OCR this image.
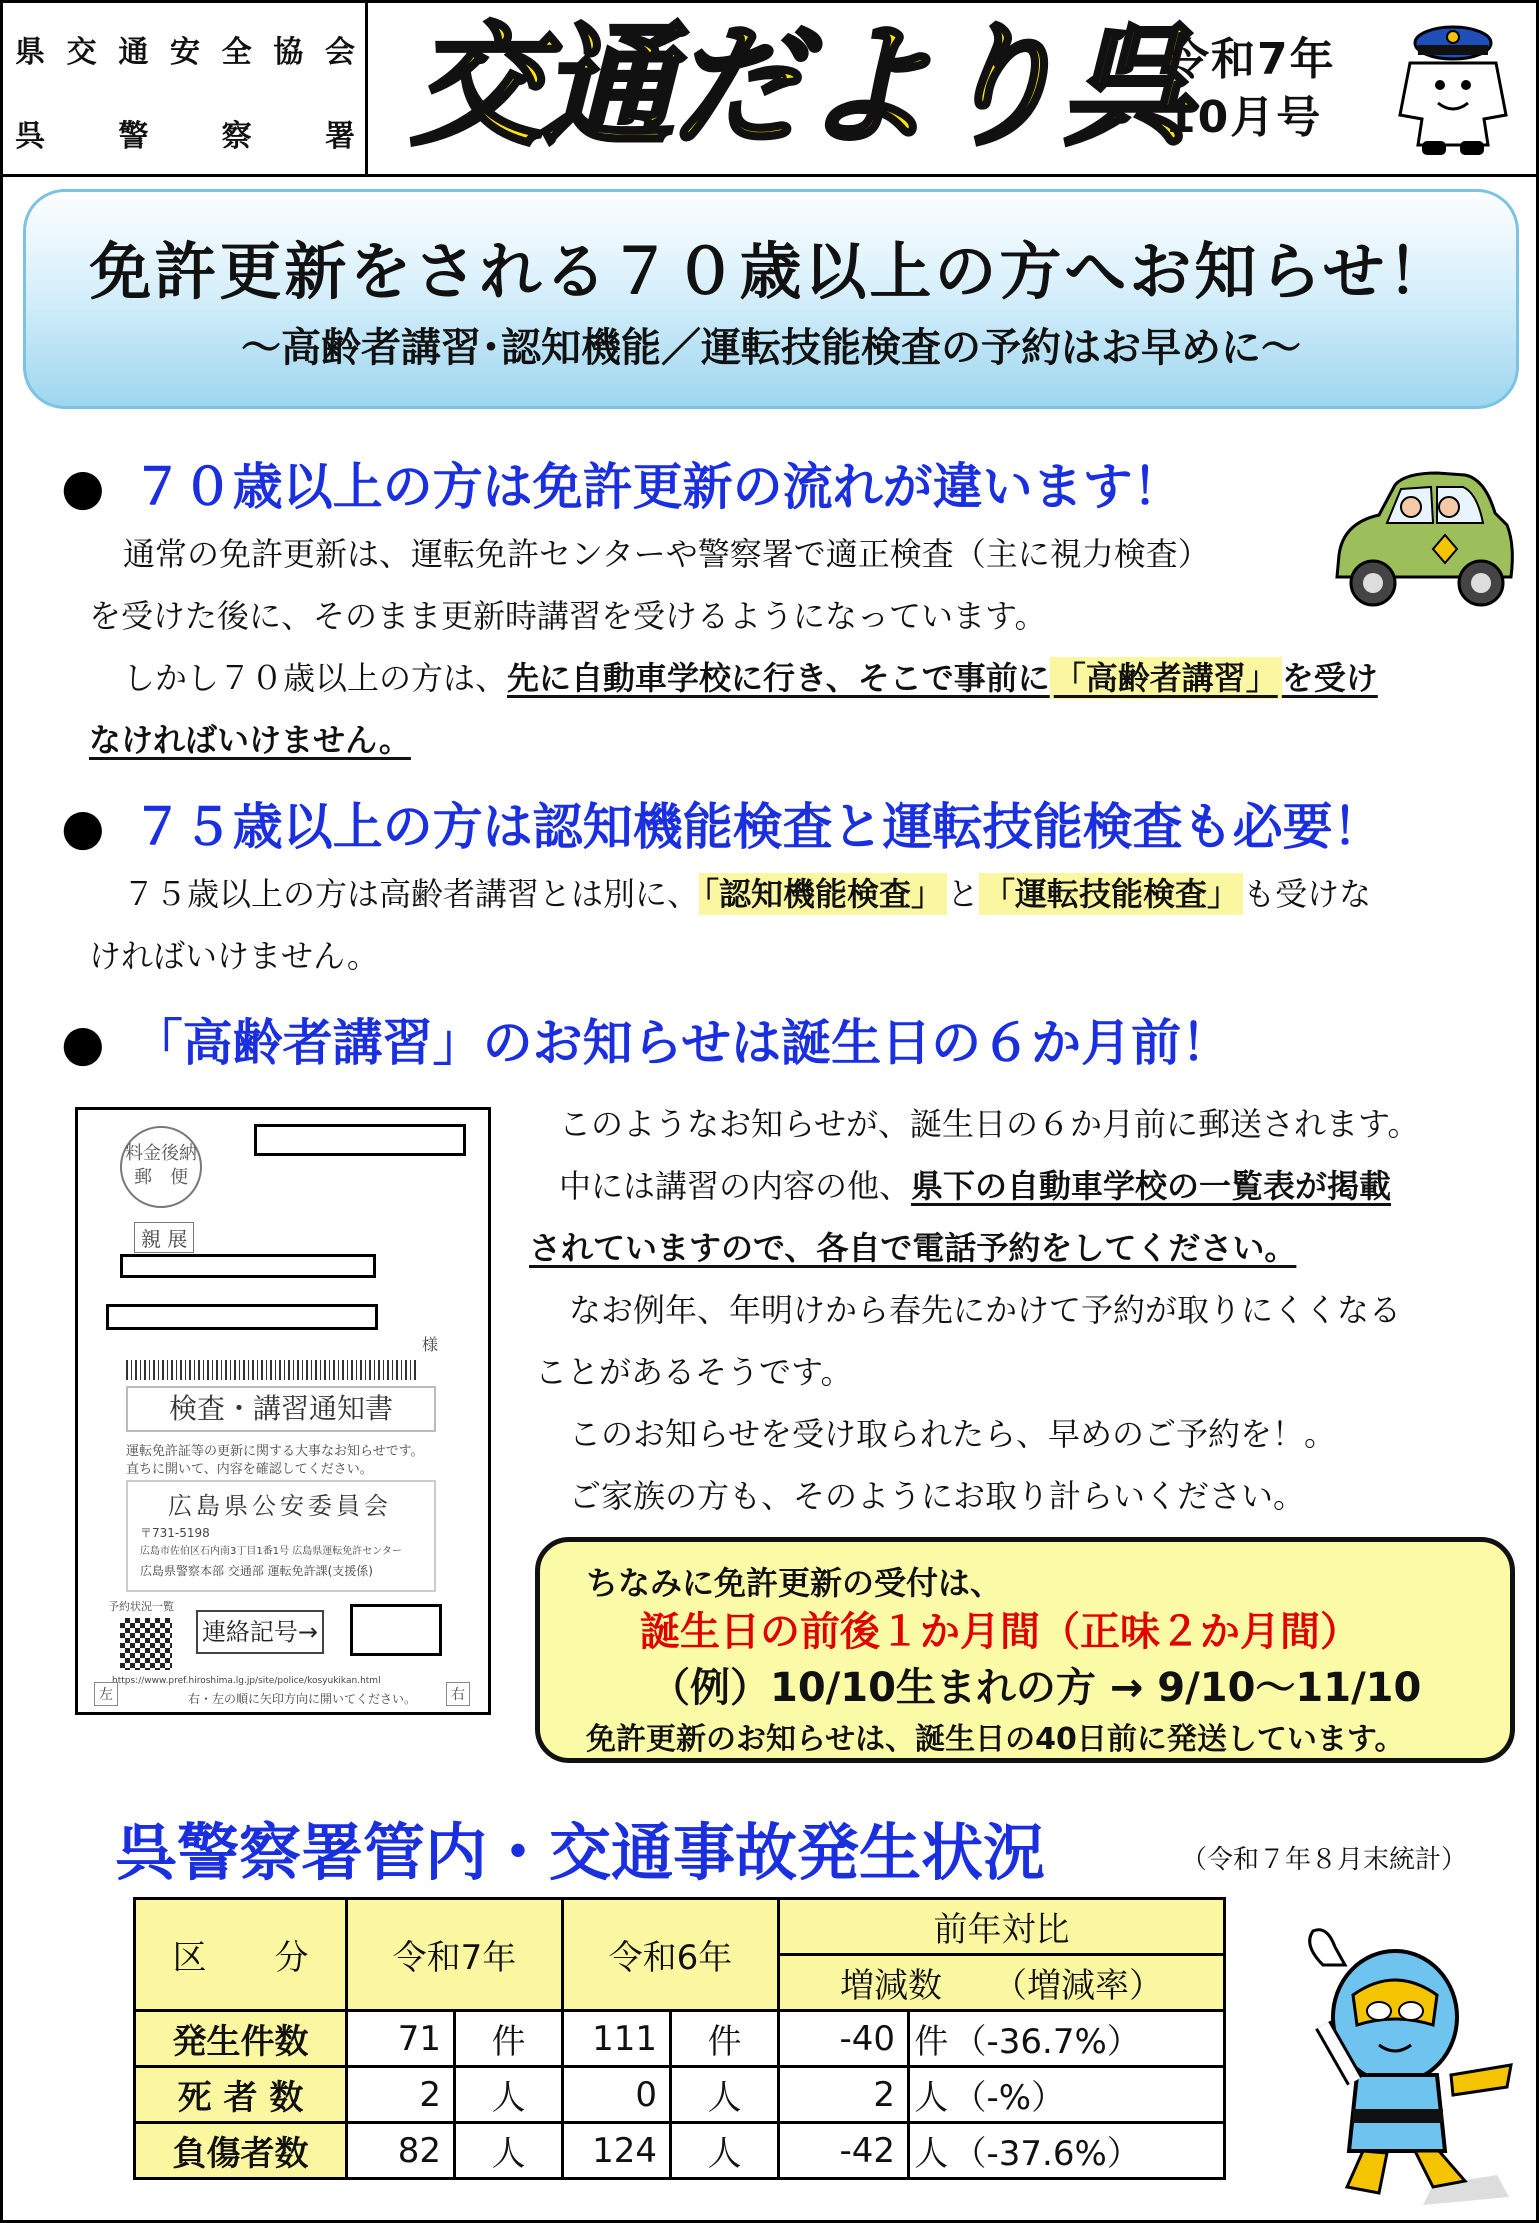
県 交 通 安 全 協 会
呉 警 察 署 交通だより呉
令和7年
10月号
免許更新をされる７０歳以上の方へお知らせ！
～高齢者講習･認知機能／運転技能検査の予約はお早めに～
● ７０歳以上の方は免許更新の流れが違います！
通常の免許更新は、運転免許センターや警察署で適正検査（主に視力検査）
を受けた後に、そのまま更新時講習を受けるようになっています。
しかし７０歳以上の方は、先に自動車学校に行き、そこで事前に 「高齢者講習」 を受け
なければいけません。
● ７５歳以上の方は認知機能検査と運転技能検査も必要！
７５歳以上の方は高齢者講習とは別に、 「認知機能検査」 と 「運転技能検査」 も受けな
ければいけません。
● 「高齢者講習」のお知らせは誕生日の６か月前！
料金後納
郵　便
親 展
様
検査・講習通知書
運転免許証等の更新に関する大事なお知らせです。
直ちに開いて、内容を確認してください。
広島県公安委員会
〒731-5198
広島市佐伯区石内南3丁目1番1号 広島県運転免許センター
広島県警察本部 交通部 運転免許課(支援係)
予約状況一覧
連絡記号→
https://www.pref.hiroshima.lg.jp/site/police/kosyukikan.html
右・左の順に矢印方向に開いてください。
左	右
このようなお知らせが、誕生日の６か月前に郵送されます。
中には講習の内容の他、県下の自動車学校の一覧表が掲載
されていますので、各自で電話予約をしてください。
なお例年、年明けから春先にかけて予約が取りにくくなる
ことがあるそうです。
このお知らせを受け取られたら、早めのご予約を！。
ご家族の方も、そのようにお取り計らいください。
ちなみに免許更新の受付は、
誕生日の前後１か月間（正味２か月間）
（例）10/10生まれの方 → 9/10～11/10
免許更新のお知らせは、誕生日の40日前に発送しています。
呉警察署管内・交通事故発生状況	（令和７年８月末統計）
区　　分	令和7年		令和6年		前年対比		
					増減数　　（増減率）		
発生件数	71	件	111	件	-40	件	（-36.7%）
死 者 数	2	人	0	人	2	人	（-%）
負傷者数	82	人	124	人	-42	人	（-37.6%）
